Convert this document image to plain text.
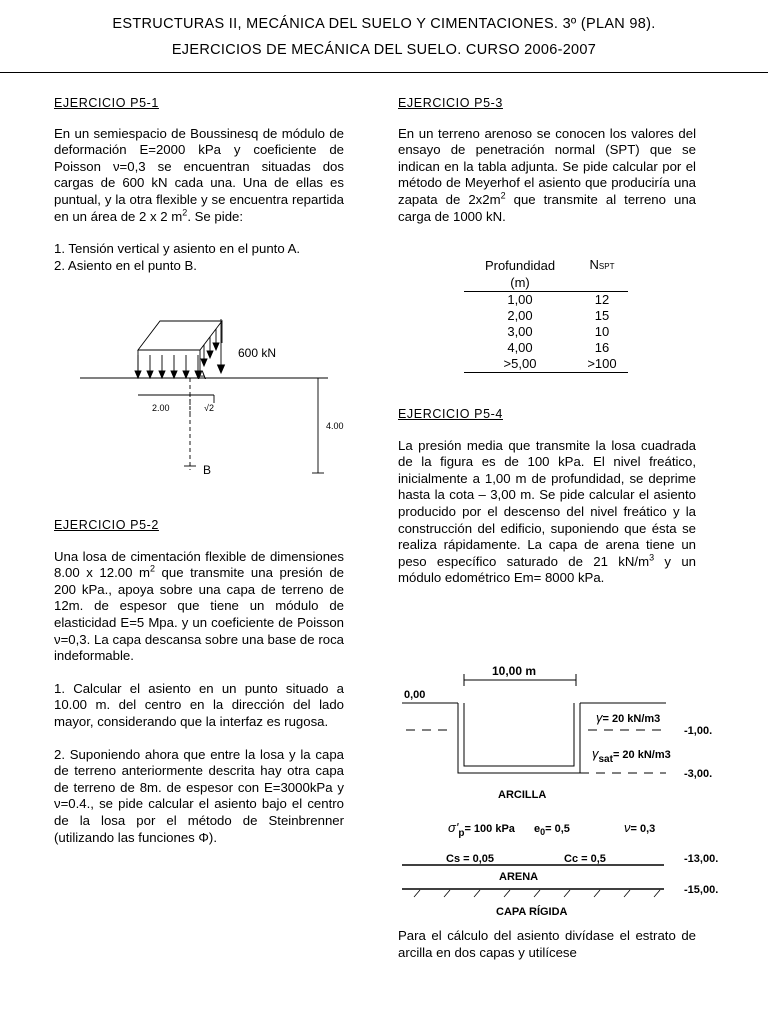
ESTRUCTURAS II, MECÁNICA DEL SUELO Y CIMENTACIONES. 3º (PLAN 98).
EJERCICIOS DE MECÁNICA DEL SUELO. CURSO 2006-2007
EJERCICIO P5-1

En un semiespacio de Boussinesq de módulo de deformación E=2000 kPa y coeficiente de Poisson ν=0,3 se encuentran situadas dos cargas de 600 kN cada una. Una de ellas es puntual, y la otra flexible y se encuentra repartida en un área de 2 x 2 $m^2$. Se pide:

1. Tensión vertical y asiento en el punto A.
2. Asiento en el punto B.
600 kN
A
B
2.00	√2
4.00
EJERCICIO P5-2

Una losa de cimentación flexible de dimensiones 8.00 x 12.00 $m^2$ que transmite una presión de 200 kPa., apoya sobre una capa de terreno de 12m. de espesor que tiene un módulo de elasticidad E=5 Mpa. y un coeficiente de Poisson ν=0,3. La capa descansa sobre una base de roca indeformable.

1. Calcular el asiento en un punto situado a 10.00 m. del centro en la dirección del lado mayor, considerando que la interfaz es rugosa.

2. Suponiendo ahora que entre la losa y la capa de terreno anteriormente descrita hay otra capa de terreno de 8m. de espesor con E=3000kPa y ν=0.4., se pide calcular el asiento bajo el centro de la losa por el método de Steinbrenner (utilizando las funciones Φ).

EJERCICIO P5-3

En un terreno arenoso se conocen los valores del ensayo de penetración normal (SPT) que se indican en la tabla adjunta. Se pide calcular por el método de Meyerhof el asiento que produciría una zapata de $2x2m^2$ que transmite al terreno una carga de 1000 kN.

Profundidad	NSPT
(m)	
1,00	12
2,00	15
3,00	10
4,00	16
>5,00	>100
EJERCICIO P5-4

La presión media que transmite la losa cuadrada de la figura es de 100 kPa. El nivel freático, inicialmente a 1,00 m de profundidad, se deprime hasta la cota – 3,00 m. Se pide calcular el asiento producido por el descenso del nivel freático y la construcción del edificio, suponiendo que ésta se realiza rápidamente. La capa de arena tiene un peso específico saturado de 21 $kN/m^3$ y un módulo edométrico Em= 8000 kPa.

10,00 m
0,00
-1,00.
-3,00.
-13,00.
-15,00.
γ= 20 kN/m3
γsat= 20 kN/m3
ARCILLA
σ'p= 100 kPa $e_0= 0,5$	ν= 0,3
Cs = 0,05	Cc = 0,5
ARENA
CAPA RÍGIDA

Para el cálculo del asiento divídase el estrato de arcilla en dos capas y utilícese
